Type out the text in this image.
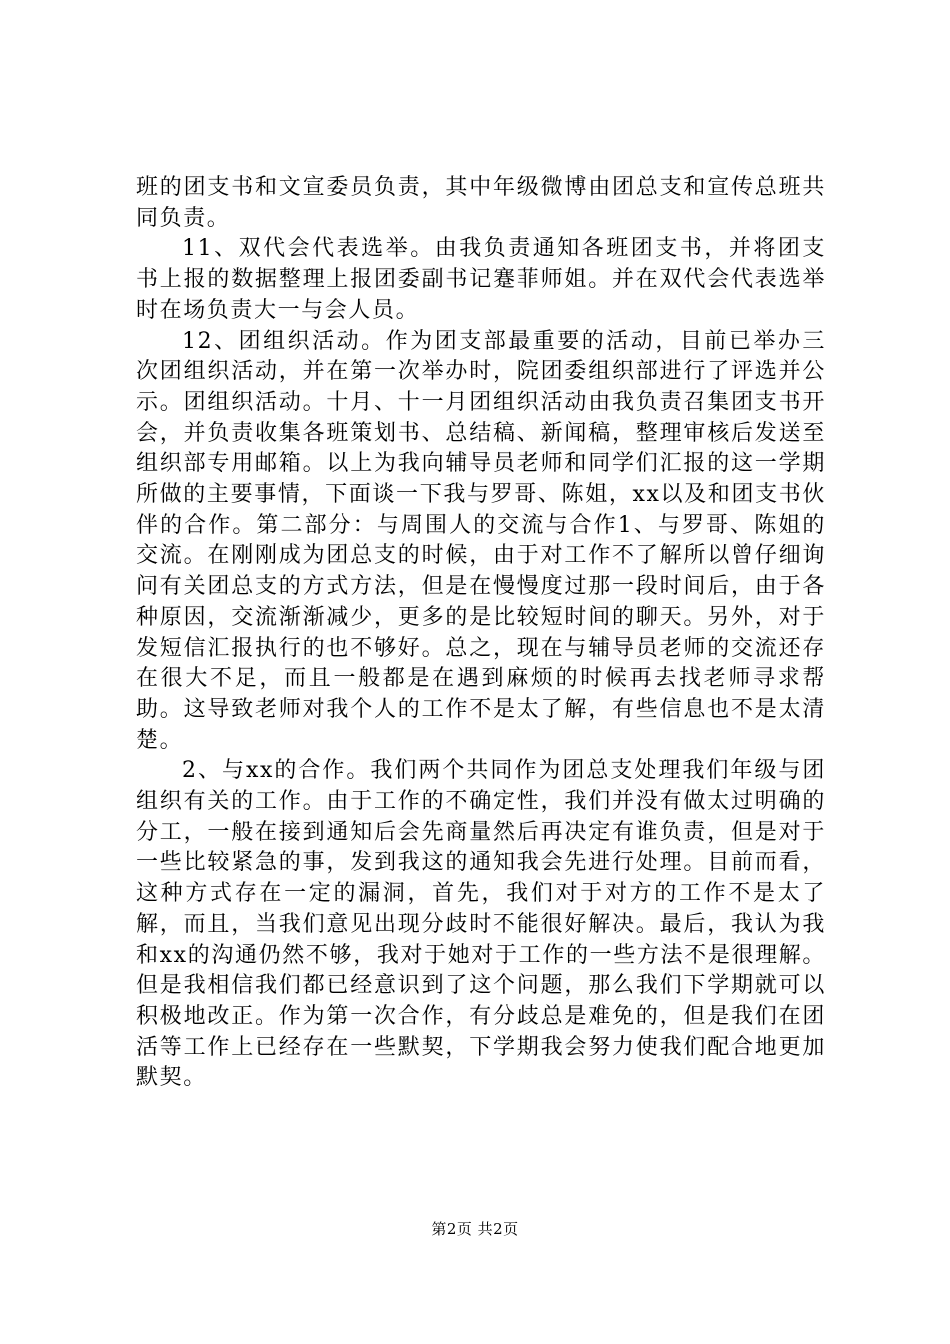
班的团支书和文宣委员负责，其中年级微博由团总支和宣传总班共同负责。

11、双代会代表选举。由我负责通知各班团支书，并将团支书上报的数据整理上报团委副书记蹇菲师姐。并在双代会代表选举时在场负责大一与会人员。

12、团组织活动。作为团支部最重要的活动，目前已举办三次团组织活动，并在第一次举办时，院团委组织部进行了评选并公示。团组织活动。十月、十一月团组织活动由我负责召集团支书开会，并负责收集各班策划书、总结稿、新闻稿，整理审核后发送至组织部专用邮箱。以上为我向辅导员老师和同学们汇报的这一学期所做的主要事情，下面谈一下我与罗哥、陈姐，xx以及和团支书伙伴的合作。第二部分：与周围人的交流与合作1、与罗哥、陈姐的交流。在刚刚成为团总支的时候，由于对工作不了解所以曾仔细询问有关团总支的方式方法，但是在慢慢度过那一段时间后，由于各种原因，交流渐渐减少，更多的是比较短时间的聊天。另外，对于发短信汇报执行的也不够好。总之，现在与辅导员老师的交流还存在很大不足，而且一般都是在遇到麻烦的时候再去找老师寻求帮助。这导致老师对我个人的工作不是太了解，有些信息也不是太清楚。

2、与xx的合作。我们两个共同作为团总支处理我们年级与团组织有关的工作。由于工作的不确定性，我们并没有做太过明确的分工，一般在接到通知后会先商量然后再决定有谁负责，但是对于一些比较紧急的事，发到我这的通知我会先进行处理。目前而看，这种方式存在一定的漏洞，首先，我们对于对方的工作不是太了解，而且，当我们意见出现分歧时不能很好解决。最后，我认为我和xx的沟通仍然不够，我对于她对于工作的一些方法不是很理解。但是我相信我们都已经意识到了这个问题，那么我们下学期就可以积极地改正。作为第一次合作，有分歧总是难免的，但是我们在团活等工作上已经存在一些默契，下学期我会努力使我们配合地更加默契。

第2页 共2页
